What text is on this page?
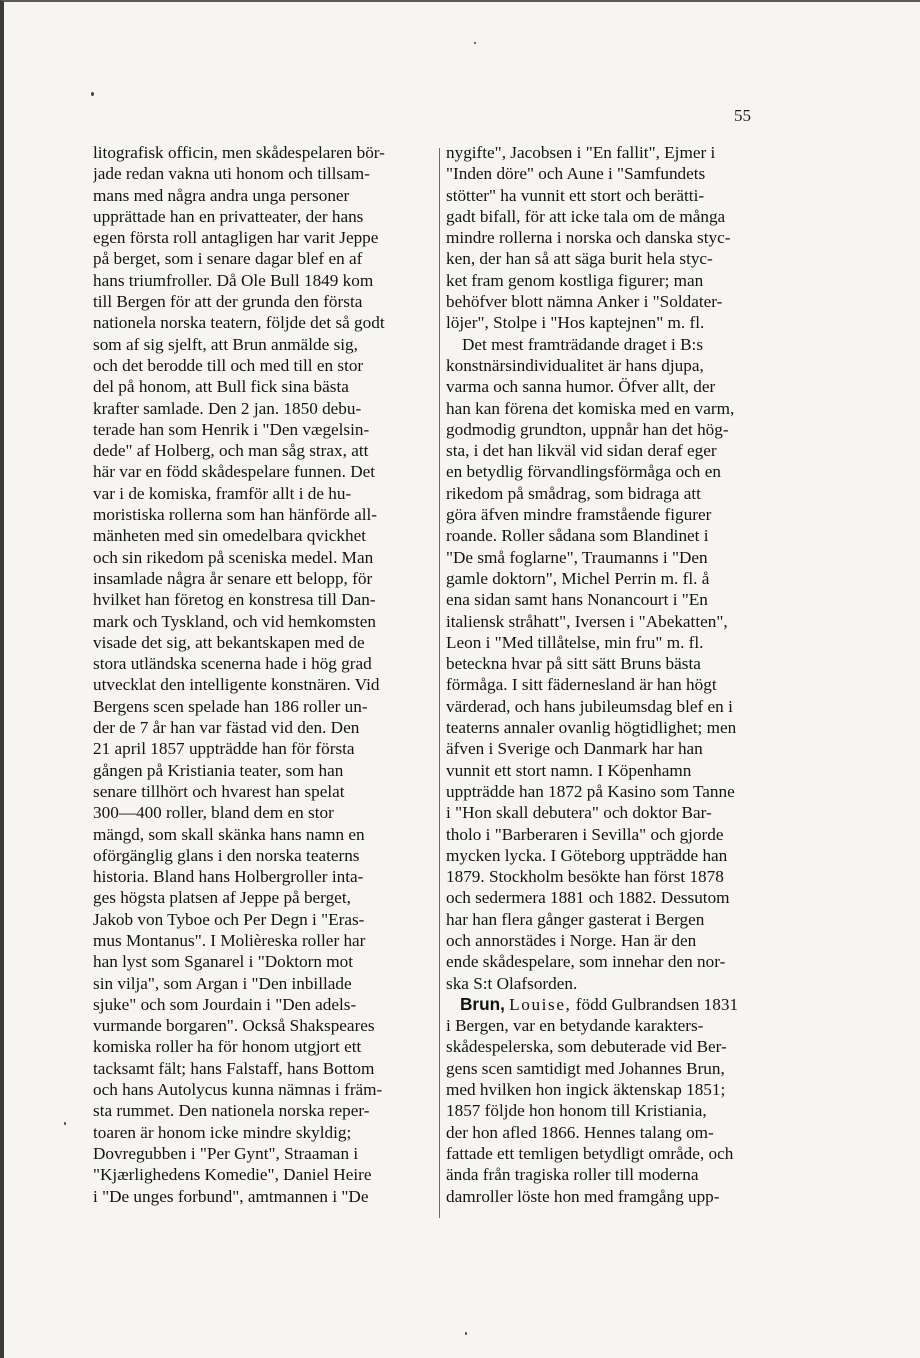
55
litografisk officin, men skådespelaren bör-
jade redan vakna uti honom och tillsam-
mans med några andra unga personer
upprättade han en privatteater, der hans
egen första roll antagligen har varit Jeppe
på berget, som i senare dagar blef en af
hans triumfroller. Då Ole Bull 1849 kom
till Bergen för att der grunda den första
nationela norska teatern, följde det så godt
som af sig sjelft, att Brun anmälde sig,
och det berodde till och med till en stor
del på honom, att Bull fick sina bästa
krafter samlade. Den 2 jan. 1850 debu-
terade han som Henrik i "Den vægelsin-
dede" af Holberg, och man såg strax, att
här var en född skådespelare funnen. Det
var i de komiska, framför allt i de hu-
moristiska rollerna som han hänförde all-
mänheten med sin omedelbara qvickhet
och sin rikedom på sceniska medel. Man
insamlade några år senare ett belopp, för
hvilket han företog en konstresa till Dan-
mark och Tyskland, och vid hemkomsten
visade det sig, att bekantskapen med de
stora utländska scenerna hade i hög grad
utvecklat den intelligente konstnären. Vid
Bergens scen spelade han 186 roller un-
der de 7 år han var fästad vid den. Den
21 april 1857 uppträdde han för första
gången på Kristiania teater, som han
senare tillhört och hvarest han spelat
300—400 roller, bland dem en stor
mängd, som skall skänka hans namn en
oförgänglig glans i den norska teaterns
historia. Bland hans Holbergroller inta-
ges högsta platsen af Jeppe på berget,
Jakob von Tyboe och Per Degn i "Eras-
mus Montanus". I Molièreska roller har
han lyst som Sganarel i "Doktorn mot
sin vilja", som Argan i "Den inbillade
sjuke" och som Jourdain i "Den adels-
vurmande borgaren". Också Shakspeares
komiska roller ha för honom utgjort ett
tacksamt fält; hans Falstaff, hans Bottom
och hans Autolycus kunna nämnas i främ-
sta rummet. Den nationela norska reper-
toaren är honom icke mindre skyldig;
Dovregubben i "Per Gynt", Straaman i
"Kjærlighedens Komedie", Daniel Heire
i "De unges forbund", amtmannen i "De
nygifte", Jacobsen i "En fallit", Ejmer i
"Inden döre" och Aune i "Samfundets
stötter" ha vunnit ett stort och berätti-
gadt bifall, för att icke tala om de många
mindre rollerna i norska och danska styc-
ken, der han så att säga burit hela styc-
ket fram genom kostliga figurer; man
behöfver blott nämna Anker i "Soldater-
löjer", Stolpe i "Hos kaptejnen" m. fl.
Det mest framträdande draget i B:s
konstnärsindividualitet är hans djupa,
varma och sanna humor. Öfver allt, der
han kan förena det komiska med en varm,
godmodig grundton, uppnår han det hög-
sta, i det han likväl vid sidan deraf eger
en betydlig förvandlingsförmåga och en
rikedom på smådrag, som bidraga att
göra äfven mindre framstående figurer
roande. Roller sådana som Blandinet i
"De små foglarne", Traumanns i "Den
gamle doktorn", Michel Perrin m. fl. å
ena sidan samt hans Nonancourt i "En
italiensk stråhatt", Iversen i "Abekatten",
Leon i "Med tillåtelse, min fru" m. fl.
beteckna hvar på sitt sätt Bruns bästa
förmåga. I sitt fädernesland är han högt
värderad, och hans jubileumsdag blef en i
teaterns annaler ovanlig högtidlighet; men
äfven i Sverige och Danmark har han
vunnit ett stort namn. I Köpenhamn
uppträdde han 1872 på Kasino som Tanne
i "Hon skall debutera" och doktor Bar-
tholo i "Barberaren i Sevilla" och gjorde
mycken lycka. I Göteborg uppträdde han
1879. Stockholm besökte han först 1878
och sedermera 1881 och 1882. Dessutom
har han flera gånger gasterat i Bergen
och annorstädes i Norge. Han är den
ende skådespelare, som innehar den nor-
ska S:t Olafsorden.
Brun, Louise, född Gulbrandsen 1831
i Bergen, var en betydande karakters-
skådespelerska, som debuterade vid Ber-
gens scen samtidigt med Johannes Brun,
med hvilken hon ingick äktenskap 1851;
1857 följde hon honom till Kristiania,
der hon afled 1866. Hennes talang om-
fattade ett temligen betydligt område, och
ända från tragiska roller till moderna
damroller löste hon med framgång upp-
